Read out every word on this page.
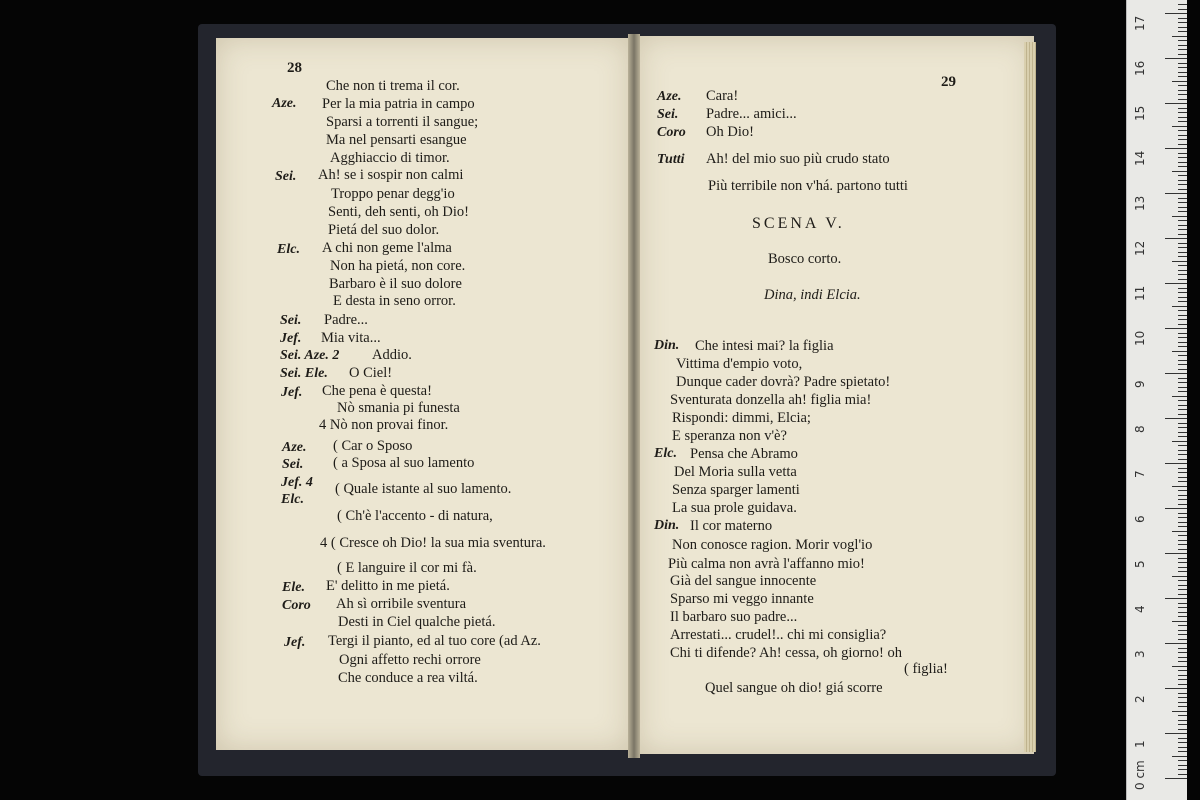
28
Che non ti trema il cor.
Aze. Per la mia patria in campo
Sparsi a torrenti il sangue;
Ma nel pensarti esangue
Agghiaccio di timor.
Sei. Ah! se i sospir non calmi
Troppo penar degg'io
Senti, deh senti, oh Dio!
Pietá del suo dolor.
Elc. A chi non geme l'alma
Non ha pietá, non core.
Barbaro è il suo dolore
E desta in seno orror.
Sei. Padre...
Jef. Mia vita...
Sei. Aze. 2 Addio.
Sei. Ele. O Ciel!
Jef. Che pena è questa!
Nò smania pi funesta
4 Nò non provai finor.
Aze. ( Car o Sposo
Sei. ( a Sposa al suo lamento
Jef. 4 ( Quale istante al suo lamento.
Elc.
( Ch'è l'accento - di natura,
4 ( Cresce oh Dio! la sua mia sventura.
( E languire il cor mi fà.
Ele. E' delitto in me pietá.
Coro Ah sì orribile sventura
Desti in Ciel qualche pietá.
Jef. Tergi il pianto, ed al tuo core (ad Az.
Ogni affetto rechi orrore
Che conduce a rea viltá.
29
Aze. Cara!
Sei. Padre... amici...
Coro Oh Dio!
Tutti Ah! del mio suo più crudo stato
Più terribile non v'há. partono tutti
SCENA V.
Bosco corto.
Dina, indi Elcia.
Din. Che intesi mai? la figlia
Vittima d'empio voto,
Dunque cader dovrà? Padre spietato!
Sventurata donzella ah! figlia mia!
Rispondi: dimmi, Elcia;
E speranza non v'è?
Elc. Pensa che Abramo
Del Moria sulla vetta
Senza sparger lamenti
La sua prole guidava.
Din. Il cor materno
Non conosce ragion. Morir vogl'io
Più calma non avrà l'affanno mio!
Già del sangue innocente
Sparso mi veggo innante
Il barbaro suo padre...
Arrestati... crudel!.. chi mi consiglia?
Chi ti difende? Ah! cessa, oh giorno! oh
( figlia!
Quel sangue oh dio! giá scorre
0 cm
1
2
3
4
5
6
7
8
9
10
11
12
13
14
15
16
17
